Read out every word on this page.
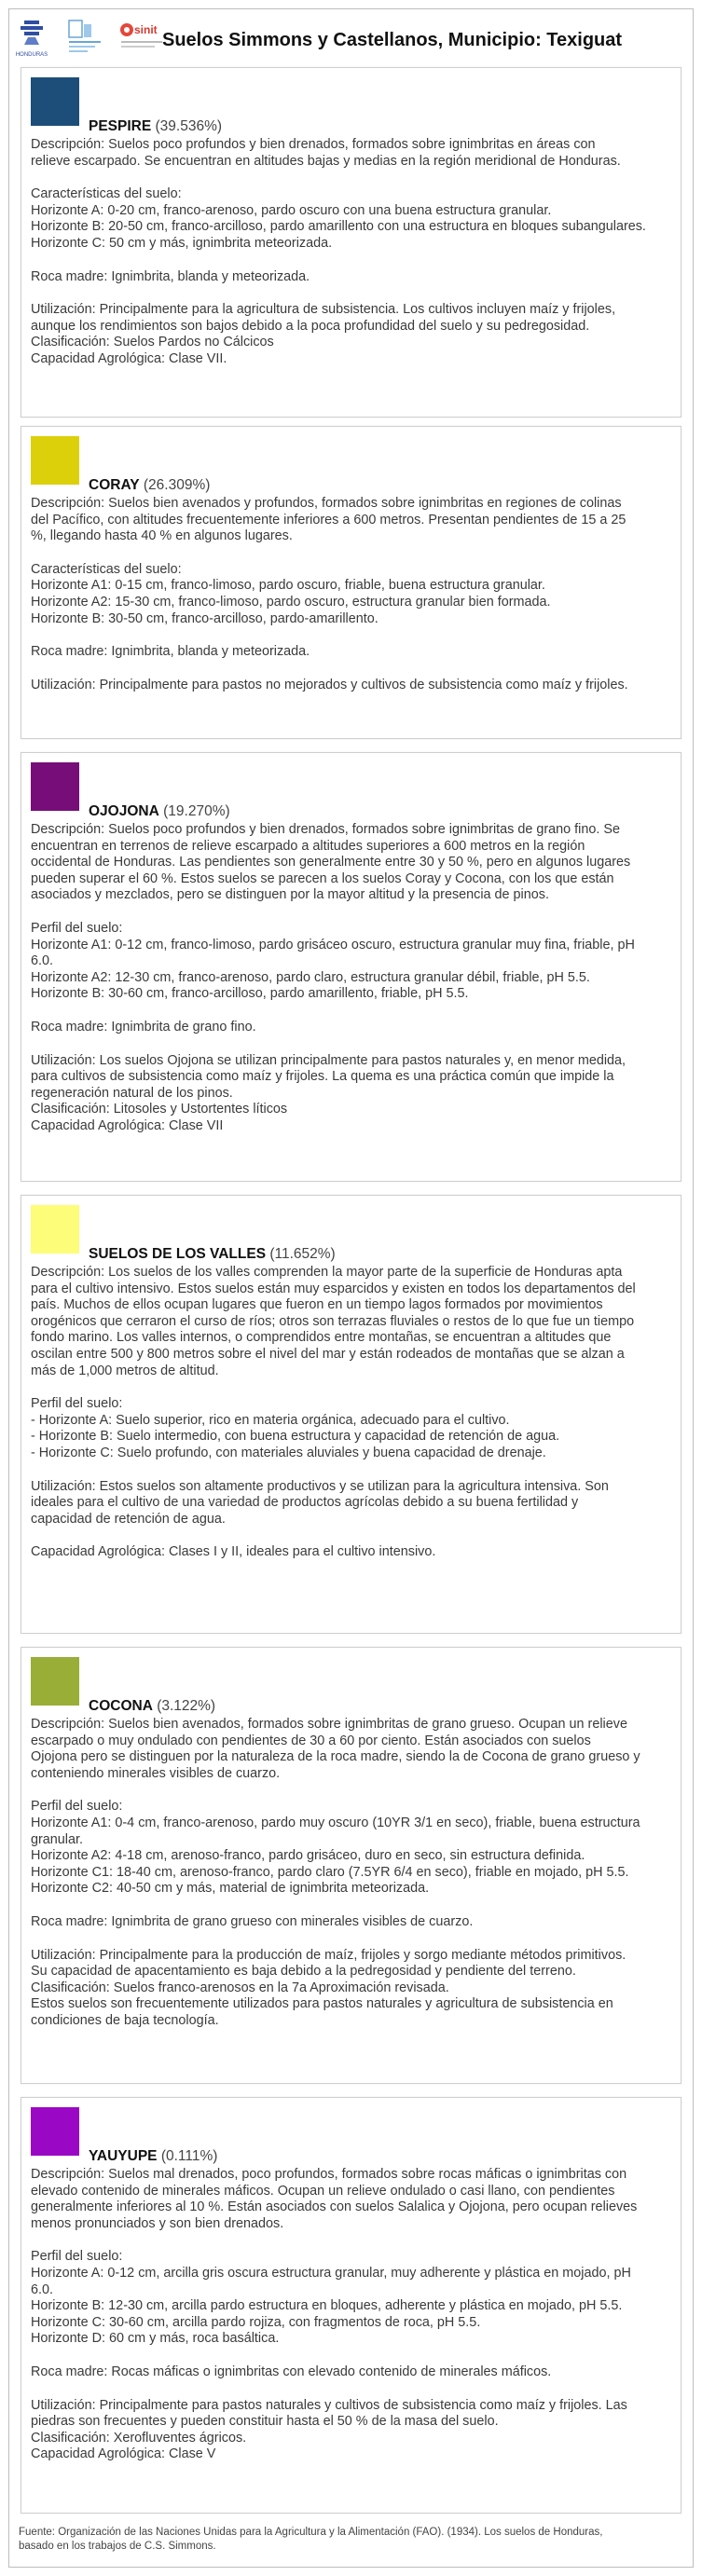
HONDURAS
sinit Suelos Simmons y Castellanos, Municipio: Texiguat
PESPIRE (39.536%)

Descripción: Suelos poco profundos y bien drenados, formados sobre ignimbritas en áreas con

relieve escarpado. Se encuentran en altitudes bajas y medias en la región meridional de Honduras.

Características del suelo:

Horizonte A: 0-20 cm, franco-arenoso, pardo oscuro con una buena estructura granular.

Horizonte B: 20-50 cm, franco-arcilloso, pardo amarillento con una estructura en bloques subangulares.

Horizonte C: 50 cm y más, ignimbrita meteorizada.

Roca madre: Ignimbrita, blanda y meteorizada.

Utilización: Principalmente para la agricultura de subsistencia. Los cultivos incluyen maíz y frijoles,

aunque los rendimientos son bajos debido a la poca profundidad del suelo y su pedregosidad.

Clasificación: Suelos Pardos no Cálcicos

Capacidad Agrológica: Clase VII.

CORAY (26.309%)

Descripción: Suelos bien avenados y profundos, formados sobre ignimbritas en regiones de colinas

del Pacífico, con altitudes frecuentemente inferiores a 600 metros. Presentan pendientes de 15 a 25

%, llegando hasta 40 % en algunos lugares.

Características del suelo:

Horizonte A1: 0-15 cm, franco-limoso, pardo oscuro, friable, buena estructura granular.

Horizonte A2: 15-30 cm, franco-limoso, pardo oscuro, estructura granular bien formada.

Horizonte B: 30-50 cm, franco-arcilloso, pardo-amarillento.

Roca madre: Ignimbrita, blanda y meteorizada.

Utilización: Principalmente para pastos no mejorados y cultivos de subsistencia como maíz y frijoles.

OJOJONA (19.270%)

Descripción: Suelos poco profundos y bien drenados, formados sobre ignimbritas de grano fino. Se

encuentran en terrenos de relieve escarpado a altitudes superiores a 600 metros en la región

occidental de Honduras. Las pendientes son generalmente entre 30 y 50 %, pero en algunos lugares

pueden superar el 60 %. Estos suelos se parecen a los suelos Coray y Cocona, con los que están

asociados y mezclados, pero se distinguen por la mayor altitud y la presencia de pinos.

Perfil del suelo:

Horizonte A1: 0-12 cm, franco-limoso, pardo grisáceo oscuro, estructura granular muy fina, friable, pH

6.0.

Horizonte A2: 12-30 cm, franco-arenoso, pardo claro, estructura granular débil, friable, pH 5.5.

Horizonte B: 30-60 cm, franco-arcilloso, pardo amarillento, friable, pH 5.5.

Roca madre: Ignimbrita de grano fino.

Utilización: Los suelos Ojojona se utilizan principalmente para pastos naturales y, en menor medida,

para cultivos de subsistencia como maíz y frijoles. La quema es una práctica común que impide la

regeneración natural de los pinos.

Clasificación: Litosoles y Ustortentes líticos

Capacidad Agrológica: Clase VII

SUELOS DE LOS VALLES (11.652%)

Descripción: Los suelos de los valles comprenden la mayor parte de la superficie de Honduras apta

para el cultivo intensivo. Estos suelos están muy esparcidos y existen en todos los departamentos del

país. Muchos de ellos ocupan lugares que fueron en un tiempo lagos formados por movimientos

orogénicos que cerraron el curso de ríos; otros son terrazas fluviales o restos de lo que fue un tiempo

fondo marino. Los valles internos, o comprendidos entre montañas, se encuentran a altitudes que

oscilan entre 500 y 800 metros sobre el nivel del mar y están rodeados de montañas que se alzan a

más de 1,000 metros de altitud.

Perfil del suelo:

- Horizonte A: Suelo superior, rico en materia orgánica, adecuado para el cultivo.

- Horizonte B: Suelo intermedio, con buena estructura y capacidad de retención de agua.

- Horizonte C: Suelo profundo, con materiales aluviales y buena capacidad de drenaje.

Utilización: Estos suelos son altamente productivos y se utilizan para la agricultura intensiva. Son

ideales para el cultivo de una variedad de productos agrícolas debido a su buena fertilidad y

capacidad de retención de agua.

Capacidad Agrológica: Clases I y II, ideales para el cultivo intensivo.

COCONA (3.122%)

Descripción: Suelos bien avenados, formados sobre ignimbritas de grano grueso. Ocupan un relieve

escarpado o muy ondulado con pendientes de 30 a 60 por ciento. Están asociados con suelos

Ojojona pero se distinguen por la naturaleza de la roca madre, siendo la de Cocona de grano grueso y

conteniendo minerales visibles de cuarzo.

Perfil del suelo:

Horizonte A1: 0-4 cm, franco-arenoso, pardo muy oscuro (10YR 3/1 en seco), friable, buena estructura

granular.

Horizonte A2: 4-18 cm, arenoso-franco, pardo grisáceo, duro en seco, sin estructura definida.

Horizonte C1: 18-40 cm, arenoso-franco, pardo claro (7.5YR 6/4 en seco), friable en mojado, pH 5.5.

Horizonte C2: 40-50 cm y más, material de ignimbrita meteorizada.

Roca madre: Ignimbrita de grano grueso con minerales visibles de cuarzo.

Utilización: Principalmente para la producción de maíz, frijoles y sorgo mediante métodos primitivos.

Su capacidad de apacentamiento es baja debido a la pedregosidad y pendiente del terreno.

Clasificación: Suelos franco-arenosos en la 7a Aproximación revisada.

Estos suelos son frecuentemente utilizados para pastos naturales y agricultura de subsistencia en

condiciones de baja tecnología.

YAUYUPE (0.111%)

Descripción: Suelos mal drenados, poco profundos, formados sobre rocas máficas o ignimbritas con

elevado contenido de minerales máficos. Ocupan un relieve ondulado o casi llano, con pendientes

generalmente inferiores al 10 %. Están asociados con suelos Salalica y Ojojona, pero ocupan relieves

menos pronunciados y son bien drenados.

Perfil del suelo:

Horizonte A: 0-12 cm, arcilla gris oscura estructura granular, muy adherente y plástica en mojado, pH

6.0.

Horizonte B: 12-30 cm, arcilla pardo estructura en bloques, adherente y plástica en mojado, pH 5.5.

Horizonte C: 30-60 cm, arcilla pardo rojiza, con fragmentos de roca, pH 5.5.

Horizonte D: 60 cm y más, roca basáltica.

Roca madre: Rocas máficas o ignimbritas con elevado contenido de minerales máficos.

Utilización: Principalmente para pastos naturales y cultivos de subsistencia como maíz y frijoles. Las

piedras son frecuentes y pueden constituir hasta el 50 % de la masa del suelo.

Clasificación: Xerofluventes ágricos.

Capacidad Agrológica: Clase V

Fuente: Organización de las Naciones Unidas para la Agricultura y la Alimentación (FAO). (1934). Los suelos de Honduras,

basado en los trabajos de C.S. Simmons.
